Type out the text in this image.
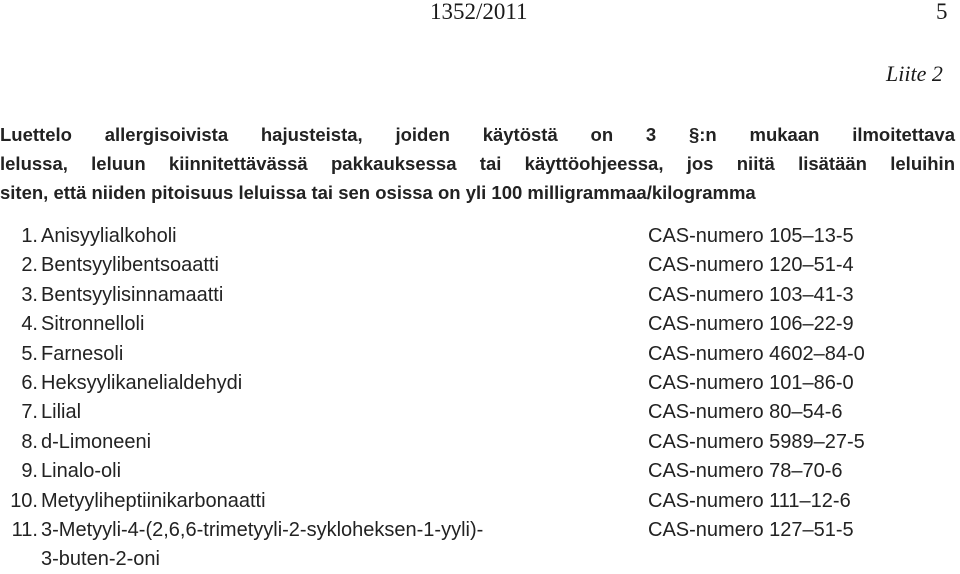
1352/2011	5
Liite 2
Luettelo allergisoivista hajusteista, joiden käytöstä on 3 §:n mukaan ilmoitettava
lelussa, leluun kiinnitettävässä pakkauksessa tai käyttöohjeessa, jos niitä lisätään leluihin
siten, että niiden pitoisuus leluissa tai sen osissa on yli 100 milligrammaa/kilogramma
1. Anisyylialkoholi	CAS-numero 105–13-5
2. Bentsyylibentsoaatti	CAS-numero 120–51-4
3. Bentsyylisinnamaatti	CAS-numero 103–41-3
4. Sitronnelloli	CAS-numero 106–22-9
5. Farnesoli	CAS-numero 4602–84-0
6. Heksyylikanelialdehydi	CAS-numero 101–86-0
7. Lilial	CAS-numero 80–54-6
8. d-Limoneeni	CAS-numero 5989–27-5
9. Linalo-oli	CAS-numero 78–70-6
10. Metyyliheptiinikarbonaatti	CAS-numero 111–12-6
11. 3-Metyyli-4-(2,6,6-trimetyyli-2-sykloheksen-1-yyli)-	CAS-numero 127–51-5
3-buten-2-oni
